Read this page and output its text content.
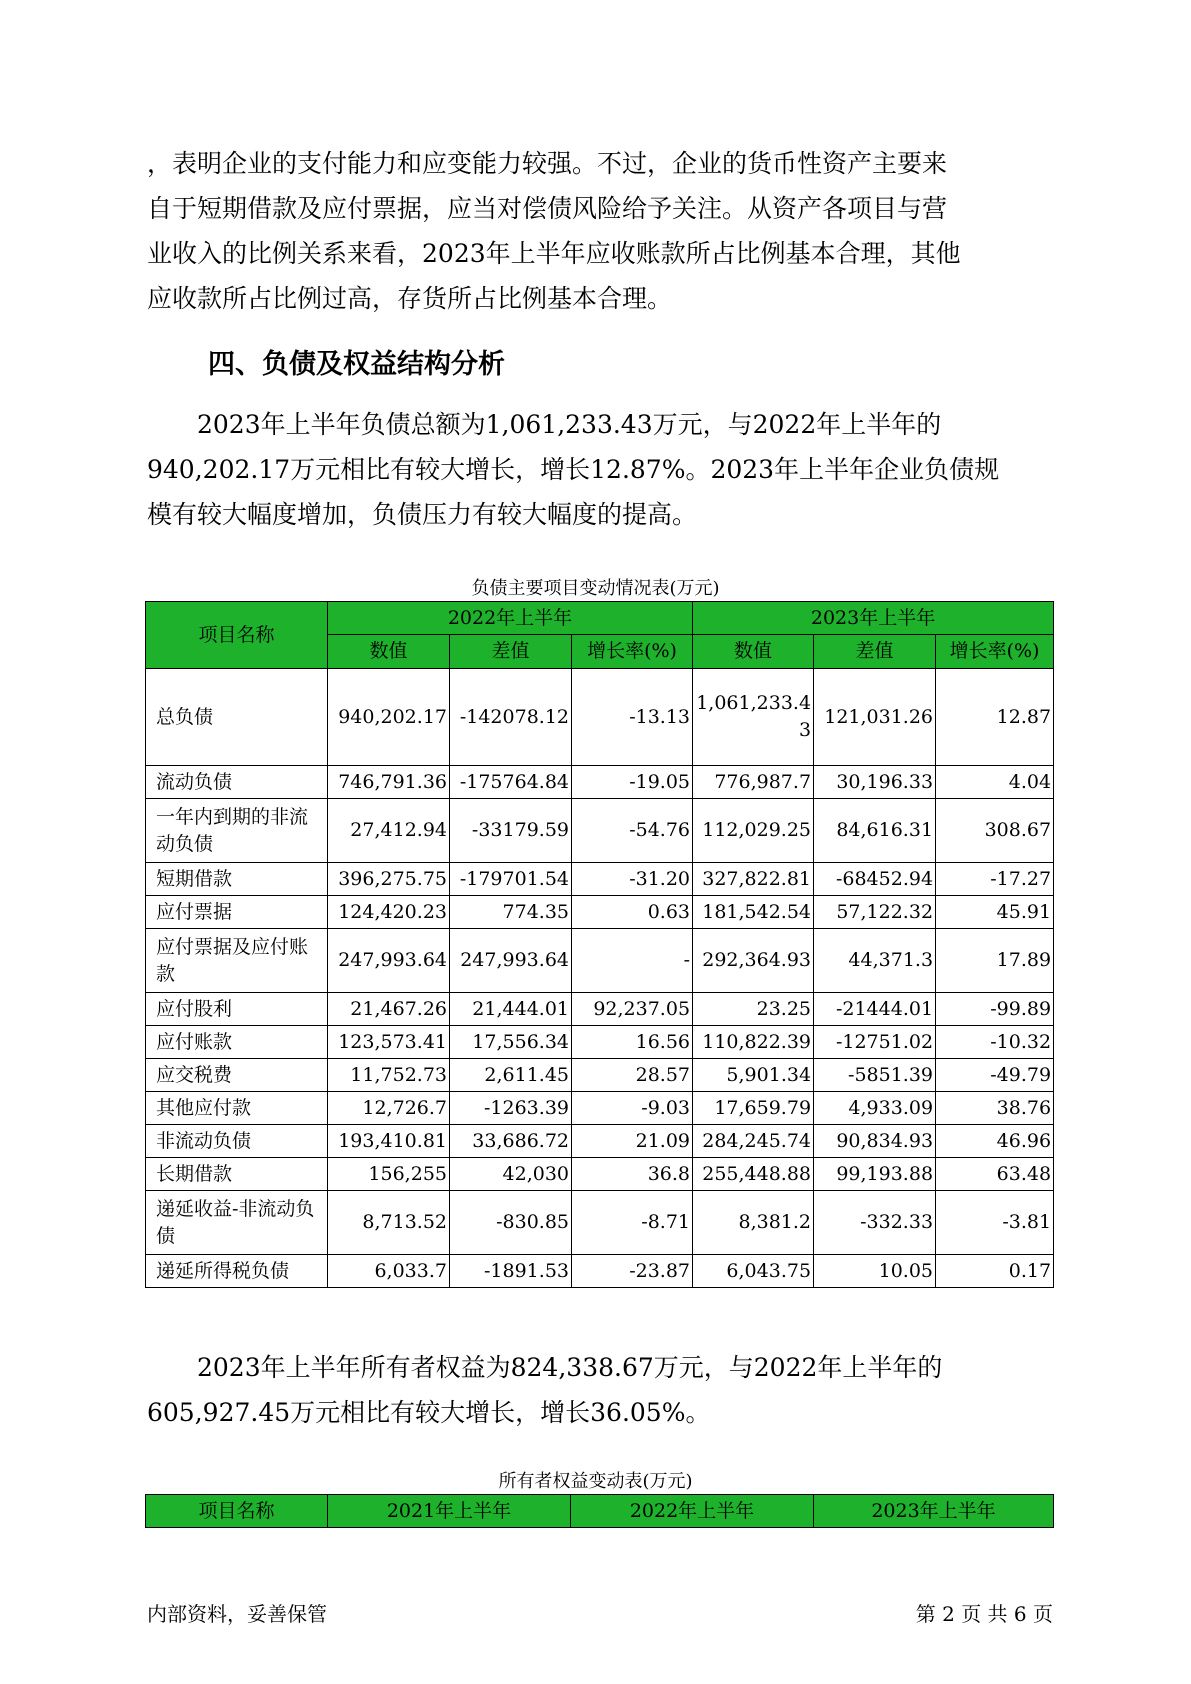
，表明企业的支付能力和应变能力较强。不过，企业的货币性资产主要来
自于短期借款及应付票据，应当对偿债风险给予关注。从资产各项目与营
业收入的比例关系来看，2023年上半年应收账款所占比例基本合理，其他
应收款所占比例过高，存货所占比例基本合理。
四、负债及权益结构分析
2023年上半年负债总额为1,061,233.43万元，与2022年上半年的
940,202.17万元相比有较大增长，增长12.87%。2023年上半年企业负债规
模有较大幅度增加，负债压力有较大幅度的提高。
负债主要项目变动情况表(万元)
项目名称	2022年上半年			2023年上半年		
	数值	差值	增长率(%)	数值	差值	增长率(%)
总负债	940,202.17	-142078.12	-13.13	1,061,233.43	121,031.26	12.87
流动负债	746,791.36	-175764.84	-19.05	776,987.7	30,196.33	4.04
一年内到期的非流动负债	27,412.94	-33179.59	-54.76	112,029.25	84,616.31	308.67
短期借款	396,275.75	-179701.54	-31.20	327,822.81	-68452.94	-17.27
应付票据	124,420.23	774.35	0.63	181,542.54	57,122.32	45.91
应付票据及应付账款	247,993.64	247,993.64	-	292,364.93	44,371.3	17.89
应付股利	21,467.26	21,444.01	92,237.05	23.25	-21444.01	-99.89
应付账款	123,573.41	17,556.34	16.56	110,822.39	-12751.02	-10.32
应交税费	11,752.73	2,611.45	28.57	5,901.34	-5851.39	-49.79
其他应付款	12,726.7	-1263.39	-9.03	17,659.79	4,933.09	38.76
非流动负债	193,410.81	33,686.72	21.09	284,245.74	90,834.93	46.96
长期借款	156,255	42,030	36.8	255,448.88	99,193.88	63.48
递延收益-非流动负债	8,713.52	-830.85	-8.71	8,381.2	-332.33	-3.81
递延所得税负债	6,033.7	-1891.53	-23.87	6,043.75	10.05	0.17
2023年上半年所有者权益为824,338.67万元，与2022年上半年的
605,927.45万元相比有较大增长，增长36.05%。
所有者权益变动表(万元)
项目名称	2021年上半年	2022年上半年	2023年上半年
内部资料，妥善保管	第 2 页 共 6 页
